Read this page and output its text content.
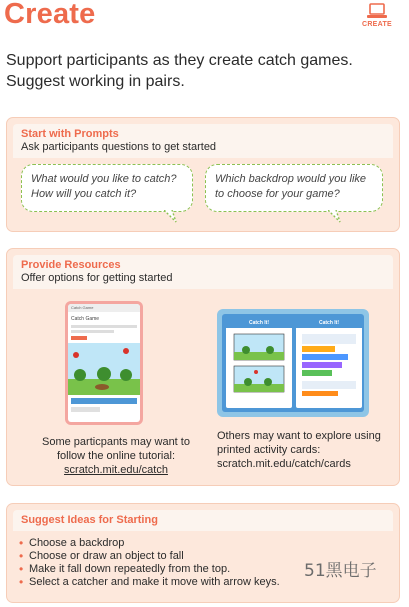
Create	CREATE
Support participants as they create catch games. Suggest working in pairs.
Start with Prompts
Ask participants questions to get started
What would you like to catch? How will you catch it?
Which backdrop would you like to choose for your game?
Provide Resources
Offer options for getting started
Catch Game
Catch Game
Catch It!	Catch It!
Some particpants may want to follow the online tutorial:
scratch.mit.edu/catch
Others may want to explore using printed activity cards:
scratch.mit.edu/catch/cards
Suggest Ideas for Starting
• Choose a backdrop
• Choose or draw an object to fall
• Make it fall down repeatedly from the top.
• Select a catcher and make it move with arrow keys.
51黑电子
